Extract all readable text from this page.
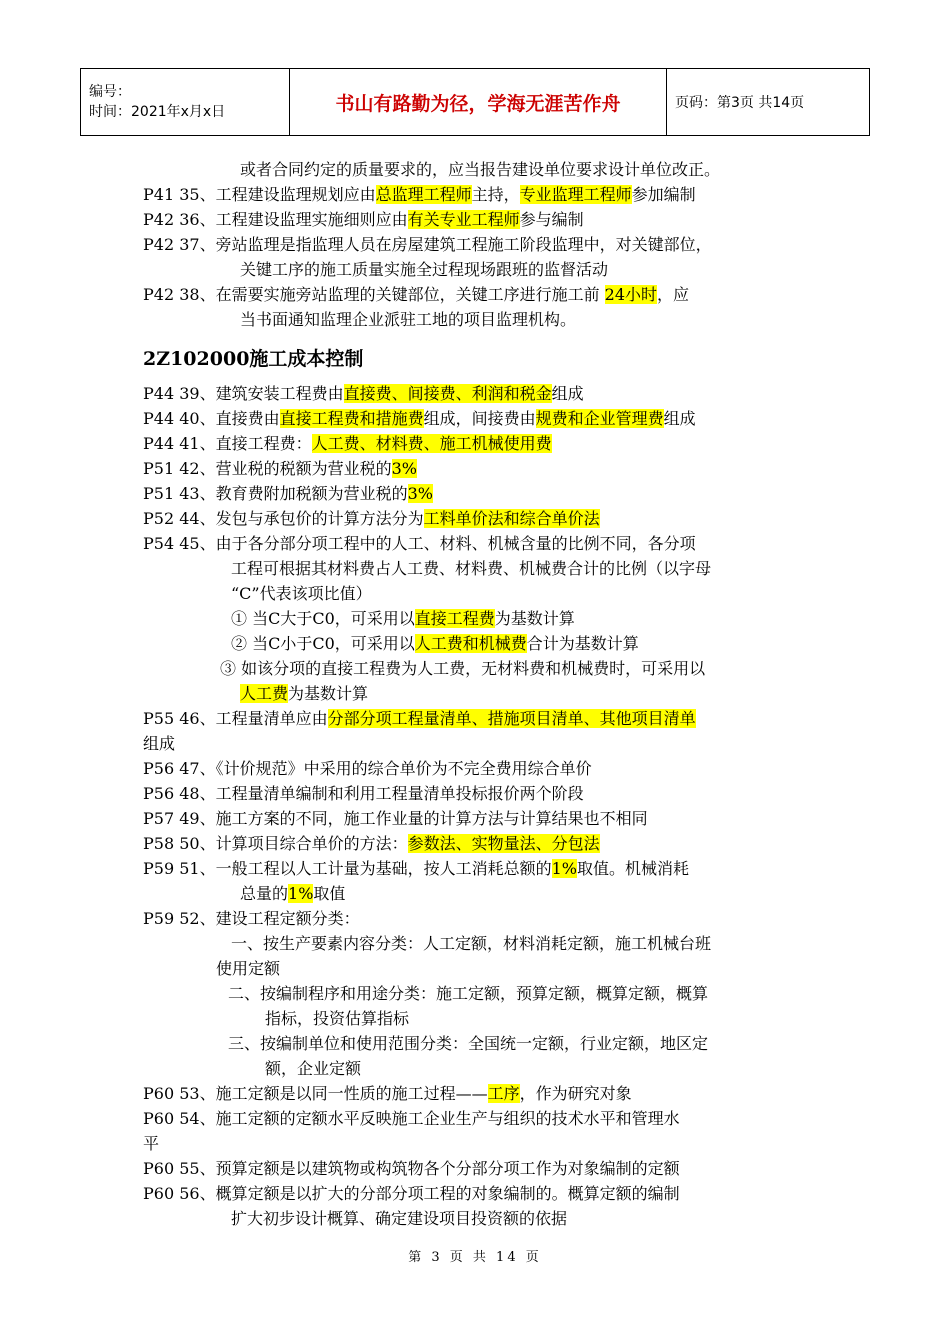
编号：
时间：2021年x月x日	书山有路勤为径，学海无涯苦作舟	页码：第3页 共14页
或者合同约定的质量要求的，应当报告建设单位要求设计单位改正。
P41 35、工程建设监理规划应由总监理工程师主持，专业监理工程师参加编制
P42 36、工程建设监理实施细则应由有关专业工程师参与编制
P42 37、旁站监理是指监理人员在房屋建筑工程施工阶段监理中，对关键部位，
关键工序的施工质量实施全过程现场跟班的监督活动
P42 38、在需要实施旁站监理的关键部位，关键工序进行施工前 24小时，应
当书面通知监理企业派驻工地的项目监理机构。
2Z102000施工成本控制
P44 39、建筑安装工程费由直接费、间接费、利润和税金组成
P44 40、直接费由直接工程费和措施费组成，间接费由规费和企业管理费组成
P44 41、直接工程费：人工费、材料费、施工机械使用费
P51 42、营业税的税额为营业税的3%
P51 43、教育费附加税额为营业税的3%
P52 44、发包与承包价的计算方法分为工料单价法和综合单价法
P54 45、由于各分部分项工程中的人工、材料、机械含量的比例不同，各分项
工程可根据其材料费占人工费、材料费、机械费合计的比例（以字母
“C”代表该项比值）
① 当C大于C0，可采用以直接工程费为基数计算
② 当C小于C0，可采用以人工费和机械费合计为基数计算
③ 如该分项的直接工程费为人工费，无材料费和机械费时，可采用以
人工费为基数计算
P55 46、工程量清单应由分部分项工程量清单、措施项目清单、其他项目清单
组成
P56 47、《计价规范》中采用的综合单价为不完全费用综合单价
P56 48、工程量清单编制和利用工程量清单投标报价两个阶段
P57 49、施工方案的不同，施工作业量的计算方法与计算结果也不相同
P58 50、计算项目综合单价的方法：参数法、实物量法、分包法
P59 51、一般工程以人工计量为基础，按人工消耗总额的1%取值。机械消耗
总量的1%取值
P59 52、建设工程定额分类：
一、按生产要素内容分类：人工定额，材料消耗定额，施工机械台班
使用定额
二、按编制程序和用途分类：施工定额，预算定额，概算定额，概算
指标，投资估算指标
三、按编制单位和使用范围分类：全国统一定额，行业定额，地区定
额，企业定额
P60 53、施工定额是以同一性质的施工过程——工序，作为研究对象
P60 54、施工定额的定额水平反映施工企业生产与组织的技术水平和管理水
平
P60 55、预算定额是以建筑物或构筑物各个分部分项工作为对象编制的定额
P60 56、概算定额是以扩大的分部分项工程的对象编制的。概算定额的编制
扩大初步设计概算、确定建设项目投资额的依据
第 3 页 共 14 页
